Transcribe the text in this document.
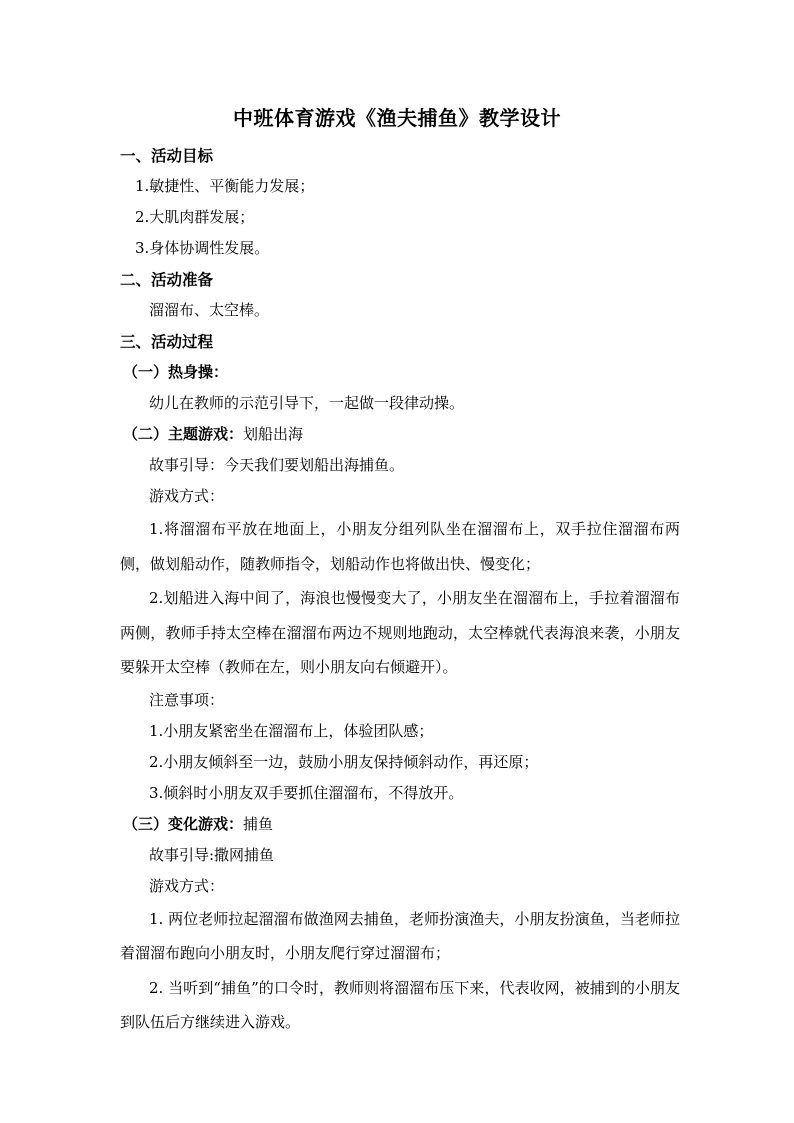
中班体育游戏《渔夫捕鱼》教学设计
一、活动目标
1.敏捷性、平衡能力发展；
2.大肌肉群发展；
3.身体协调性发展。
二、活动准备
溜溜布、太空棒。
三、活动过程
（一）热身操：
幼儿在教师的示范引导下，一起做一段律动操。
（二）主题游戏：划船出海
故事引导：今天我们要划船出海捕鱼。
游戏方式：
1.将溜溜布平放在地面上，小朋友分组列队坐在溜溜布上，双手拉住溜溜布两侧，做划船动作，随教师指令，划船动作也将做出快、慢变化；
2.划船进入海中间了，海浪也慢慢变大了，小朋友坐在溜溜布上，手拉着溜溜布两侧，教师手持太空棒在溜溜布两边不规则地跑动，太空棒就代表海浪来袭，小朋友要躲开太空棒（教师在左，则小朋友向右倾避开）。
注意事项：
1.小朋友紧密坐在溜溜布上，体验团队感；
2.小朋友倾斜至一边，鼓励小朋友保持倾斜动作，再还原；
3.倾斜时小朋友双手要抓住溜溜布，不得放开。
（三）变化游戏：捕鱼
故事引导:撒网捕鱼
游戏方式：
1. 两位老师拉起溜溜布做渔网去捕鱼，老师扮演渔夫，小朋友扮演鱼，当老师拉着溜溜布跑向小朋友时，小朋友爬行穿过溜溜布；
2. 当听到“捕鱼”的口令时，教师则将溜溜布压下来，代表收网，被捕到的小朋友到队伍后方继续进入游戏。
